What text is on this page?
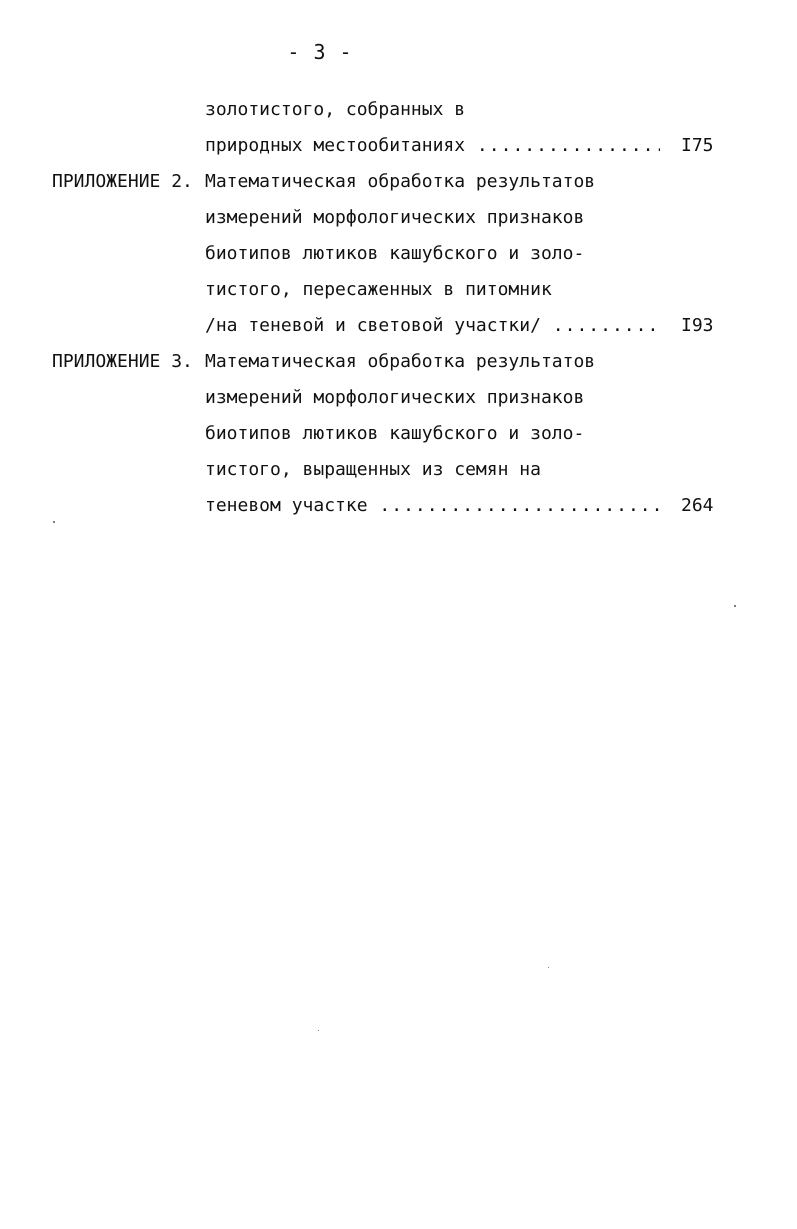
- 3 -
золотистого, собранных в
природных местообитаниях .....	I75
ПРИЛОЖЕНИЕ 2. Математическая обработка результатов
измерений морфологических признаков
биотипов лютиков кашубского и золо-
тистого, пересаженных в питомник
/на теневой и световой участки/ .....	I93
ПРИЛОЖЕНИЕ 3. Математическая обработка результатов
измерений морфологических признаков
биотипов лютиков кашубского и золо-
тистого, выращенных из семян на
теневом участке .....	264
